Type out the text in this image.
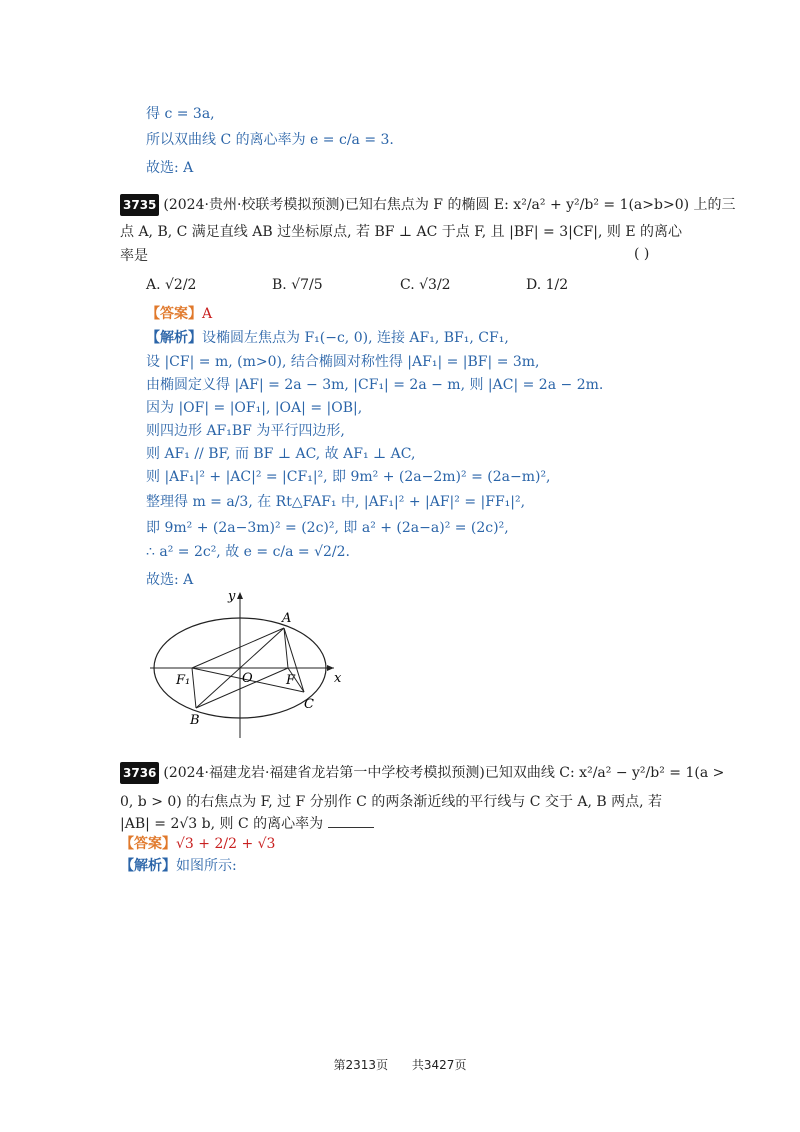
得 c = 3a,
所以双曲线 C 的离心率为 e = c/a = 3.
故选: A
3735 (2024·贵州·校联考模拟预测)已知右焦点为 F 的椭圆 E: x²/a² + y²/b² = 1(a>b>0) 上的三
点 A, B, C 满足直线 AB 过坐标原点, 若 BF ⊥ AC 于点 F, 且 |BF| = 3|CF|, 则 E 的离心
率是	( )
A. √2/2	B. √7/5	C. √3/2	D. 1/2
【答案】A
【解析】设椭圆左焦点为 F₁(−c, 0), 连接 AF₁, BF₁, CF₁,
设 |CF| = m, (m>0), 结合椭圆对称性得 |AF₁| = |BF| = 3m,
由椭圆定义得 |AF| = 2a − 3m, |CF₁| = 2a − m, 则 |AC| = 2a − 2m.
因为 |OF| = |OF₁|, |OA| = |OB|,
则四边形 AF₁BF 为平行四边形,
则 AF₁ // BF, 而 BF ⊥ AC, 故 AF₁ ⊥ AC,
则 |AF₁|² + |AC|² = |CF₁|², 即 9m² + (2a−2m)² = (2a−m)²,
整理得 m = a/3, 在 Rt△FAF₁ 中, |AF₁|² + |AF|² = |FF₁|²,
即 9m² + (2a−3m)² = (2c)², 即 a² + (2a−a)² = (2c)²,
∴ a² = 2c², 故 e = c/a = √2/2.
故选: A
y
x
A
B
C
F
F₁	O
3736 (2024·福建龙岩·福建省龙岩第一中学校考模拟预测)已知双曲线 C: x²/a² − y²/b² = 1(a >
0, b > 0) 的右焦点为 F, 过 F 分别作 C 的两条渐近线的平行线与 C 交于 A, B 两点, 若
|AB| = 2√3 b, 则 C 的离心率为
【答案】√3 + 2/2 + √3
【解析】如图所示:
第2313页 共3427页
